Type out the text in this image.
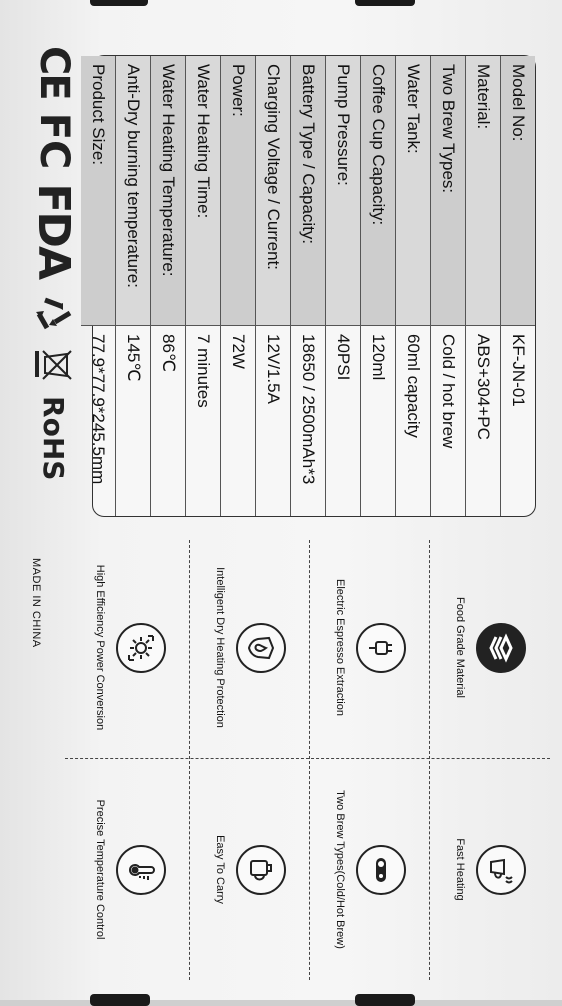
Model No:
KF-JN-01
Material:
ABS+304+PC
Two Brew Types:
Cold / hot brew
Water Tank:
60ml capacity
Coffee Cup Capacity:
120ml
Pump Pressure:
40PSI
Battery Type / Capacity:
18650 / 2500mAh*3
Charging Voltage / Current:
12V/1.5A
Power:
72W
Water Heating Time:
7 minutes
Water Heating Temperature:
86℃
Anti-Dry burning temperature:
145℃
Product Size:
77.9*77.9*245.5mm
CE
FC
FDA
RoHS
MADE IN CHINA	Food Grade Material
Fast Heating
Electric Espresso Extraction
Two Brew Types(Cold/Hot Brew)
Intelligent Dry Heating Protection
Easy To Carry
High Efficiency Power Conversion
Precise Temperature Control
